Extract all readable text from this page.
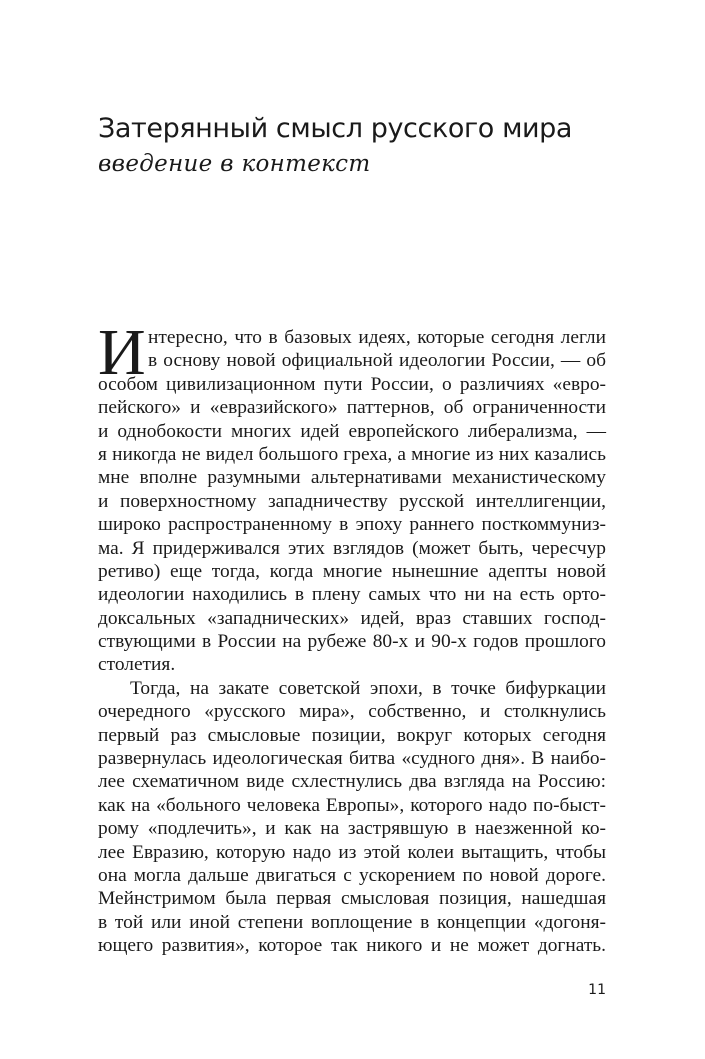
Затерянный смысл русского мира
введение в контекст
И нтересно, что в базовых идеях, которые сегодня легли
в основу новой официальной идеологии России, — об
особом цивилизационном пути России, о различиях «евро-
пейского» и «евразийского» паттернов, об ограниченности
и однобокости многих идей европейского либерализма, —
я никогда не видел большого греха, а многие из них казались
мне вполне разумными альтернативами механистическому
и поверхностному западничеству русской интеллигенции,
широко распространенному в эпоху раннего посткоммуниз-
ма. Я придерживался этих взглядов (может быть, чересчур
ретиво) еще тогда, когда многие нынешние адепты новой
идеологии находились в плену самых что ни на есть орто-
доксальных «западнических» идей, враз ставших господ-
ствующими в России на рубеже 80-х и 90-х годов прошлого
столетия.
Тогда, на закате советской эпохи, в точке бифуркации
очередного «русского мира», собственно, и столкнулись
первый раз смысловые позиции, вокруг которых сегодня
развернулась идеологическая битва «судного дня». В наибо-
лее схематичном виде схлестнулись два взгляда на Россию:
как на «больного человека Европы», которого надо по-быст-
рому «подлечить», и как на застрявшую в наезженной ко-
лее Евразию, которую надо из этой колеи вытащить, чтобы
она могла дальше двигаться с ускорением по новой дороге.
Мейнстримом была первая смысловая позиция, нашедшая
в той или иной степени воплощение в концепции «догоня-
ющего развития», которое так никого и не может догнать.
11
